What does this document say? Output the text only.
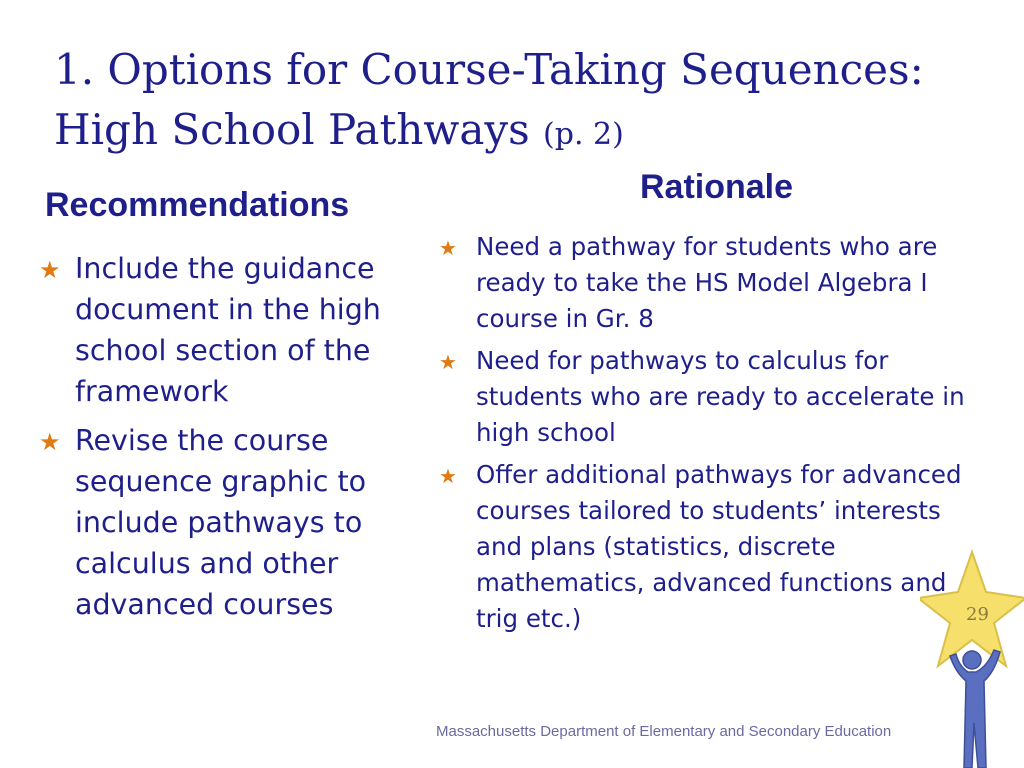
1. Options for Course-Taking Sequences: High School Pathways (p. 2)
Recommendations
★ Include the guidance document in the high school section of the framework
★ Revise the course sequence graphic to include pathways to calculus and other advanced courses
Rationale
★ Need a pathway for students who are ready to take the HS Model Algebra I course in Gr. 8
★ Need for pathways to calculus for students who are ready to accelerate in high school
★ Offer additional pathways for advanced courses tailored to students’ interests and plans (statistics, discrete mathematics, advanced functions and trig etc.)
Massachusetts Department of Elementary and Secondary Education
29
